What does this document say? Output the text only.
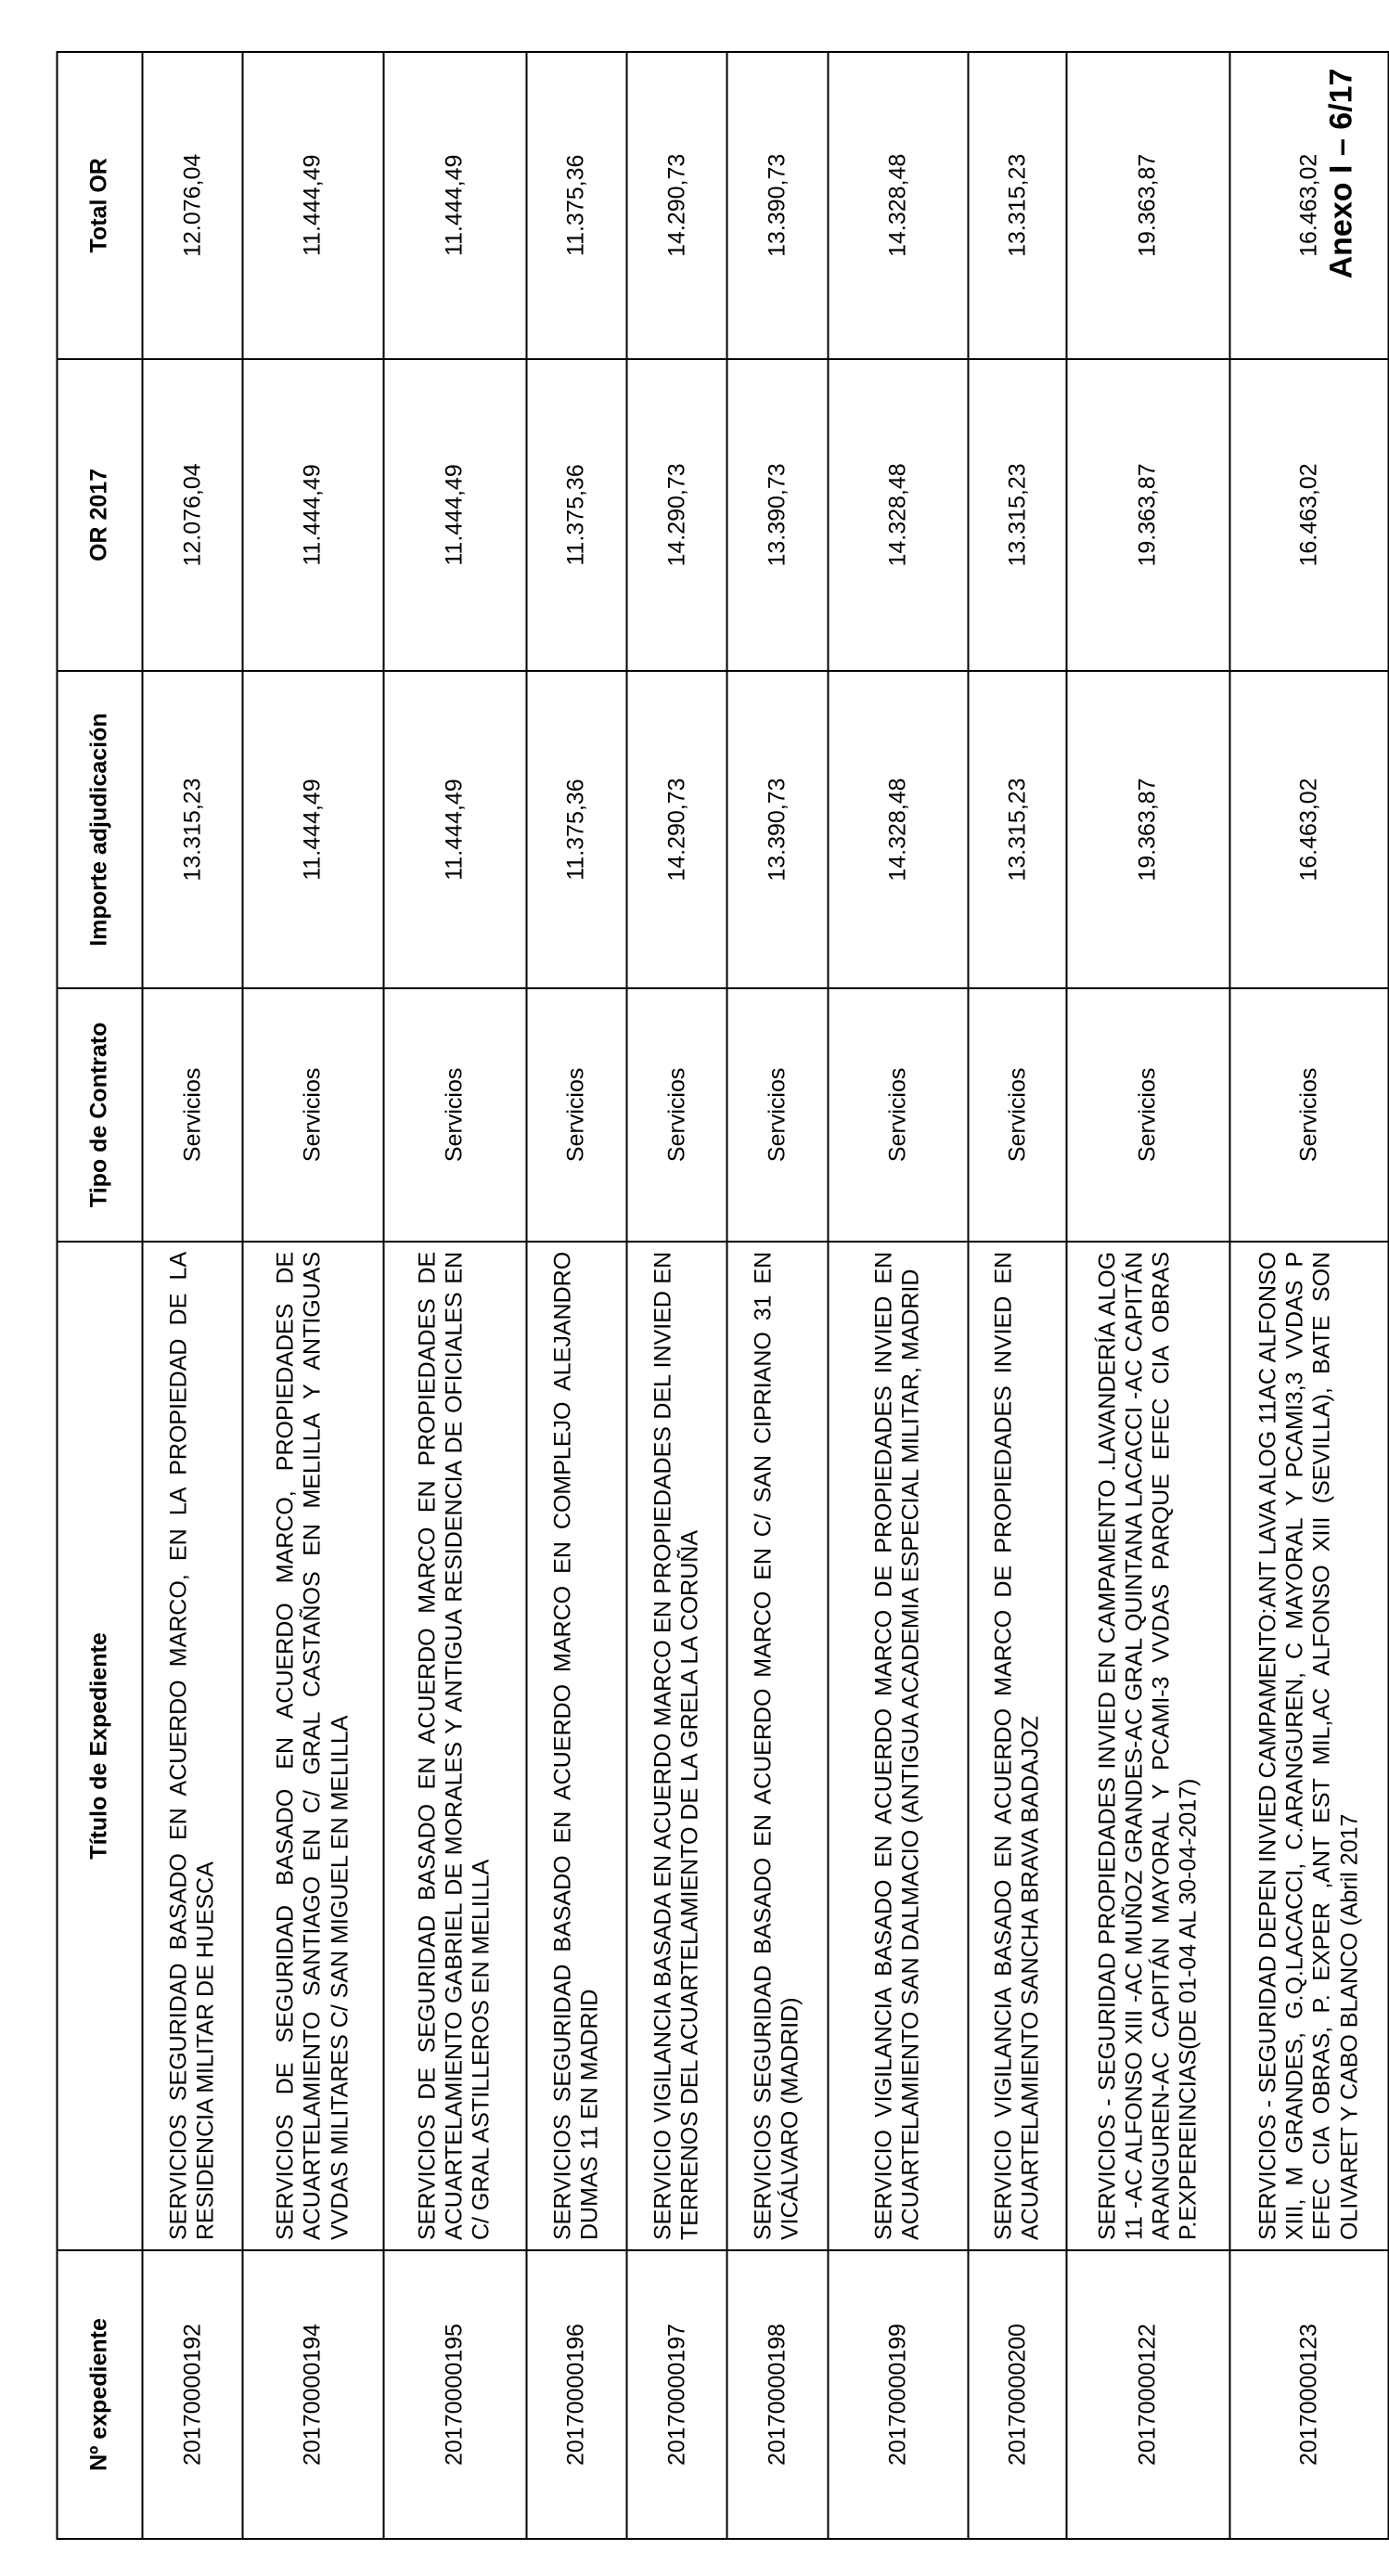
Anexo I – 6/17
Nº expediente	Título de Expediente	Tipo de Contrato	Importe adjudicación	OR 2017	Total OR
20170000192	SERVICIOS SEGURIDAD BASADO EN ACUERDO MARCO, EN LA PROPIEDAD DE LA RESIDENCIA MILITAR DE HUESCA	Servicios	13.315,23	12.076,04	12.076,04
20170000194	SERVICIOS DE SEGURIDAD BASADO EN ACUERDO MARCO, PROPIEDADES DE ACUARTELAMIENTO SANTIAGO EN C/ GRAL CASTAÑOS EN MELILLA Y ANTIGUAS VVDAS MILITARES C/ SAN MIGUEL EN MELILLA	Servicios	11.444,49	11.444,49	11.444,49
20170000195	SERVICIOS DE SEGURIDAD BASADO EN ACUERDO MARCO EN PROPIEDADES DE ACUARTELAMIENTO GABRIEL DE MORALES Y ANTIGUA RESIDENCIA DE OFICIALES EN C/ GRAL ASTILLEROS EN MELILLA	Servicios	11.444,49	11.444,49	11.444,49
20170000196	SERVICIOS SEGURIDAD BASADO EN ACUERDO MARCO EN COMPLEJO ALEJANDRO DUMAS 11 EN MADRID	Servicios	11.375,36	11.375,36	11.375,36
20170000197	SERVICIO VIGILANCIA BASADA EN ACUERDO MARCO EN PROPIEDADES DEL INVIED EN TERRENOS DEL ACUARTELAMIENTO DE LA GRELA LA CORUÑA	Servicios	14.290,73	14.290,73	14.290,73
20170000198	SERVICIOS SEGURIDAD BASADO EN ACUERDO MARCO EN C/ SAN CIPRIANO 31 EN VICÁLVARO (MADRID)	Servicios	13.390,73	13.390,73	13.390,73
20170000199	SERVICIO VIGILANCIA BASADO EN ACUERDO MARCO DE PROPIEDADES INVIED EN ACUARTELAMIENTO SAN DALMACIO (ANTIGUA ACADEMIA ESPECIAL MILITAR, MADRID	Servicios	14.328,48	14.328,48	14.328,48
20170000200	SERVICIO VIGILANCIA BASADO EN ACUERDO MARCO DE PROPIEDADES INVIED EN ACUARTELAMIENTO SANCHA BRAVA BADAJOZ	Servicios	13.315,23	13.315,23	13.315,23
20170000122	SERVICIOS - SEGURIDAD PROPIEDADES INVIED EN CAMPAMENTO .LAVANDERÍA ALOG 11 -AC ALFONSO XIII -AC MUÑOZ GRANDES-AC GRAL QUINTANA LACACCI -AC CAPITÁN ARANGUREN-AC CAPITÁN MAYORAL Y PCAMI-3 VVDAS PARQUE EFEC CIA OBRAS P.EXPEREINCIAS(DE 01-04 AL 30-04-2017)	Servicios	19.363,87	19.363,87	19.363,87
20170000123	SERVICIOS - SEGURIDAD DEPEN INVIED CAMPAMENTO:ANT LAVA ALOG 11AC ALFONSO XIII, M GRANDES, G.Q.LACACCI, C.ARANGUREN, C MAYORAL Y PCAMI3,3 VVDAS P EFEC CIA OBRAS, P. EXPER ,ANT EST MIL,AC ALFONSO XIII (SEVILLA), BATE SON OLIVARET Y CABO BLANCO (Abril 2017	Servicios	16.463,02	16.463,02	16.463,02
